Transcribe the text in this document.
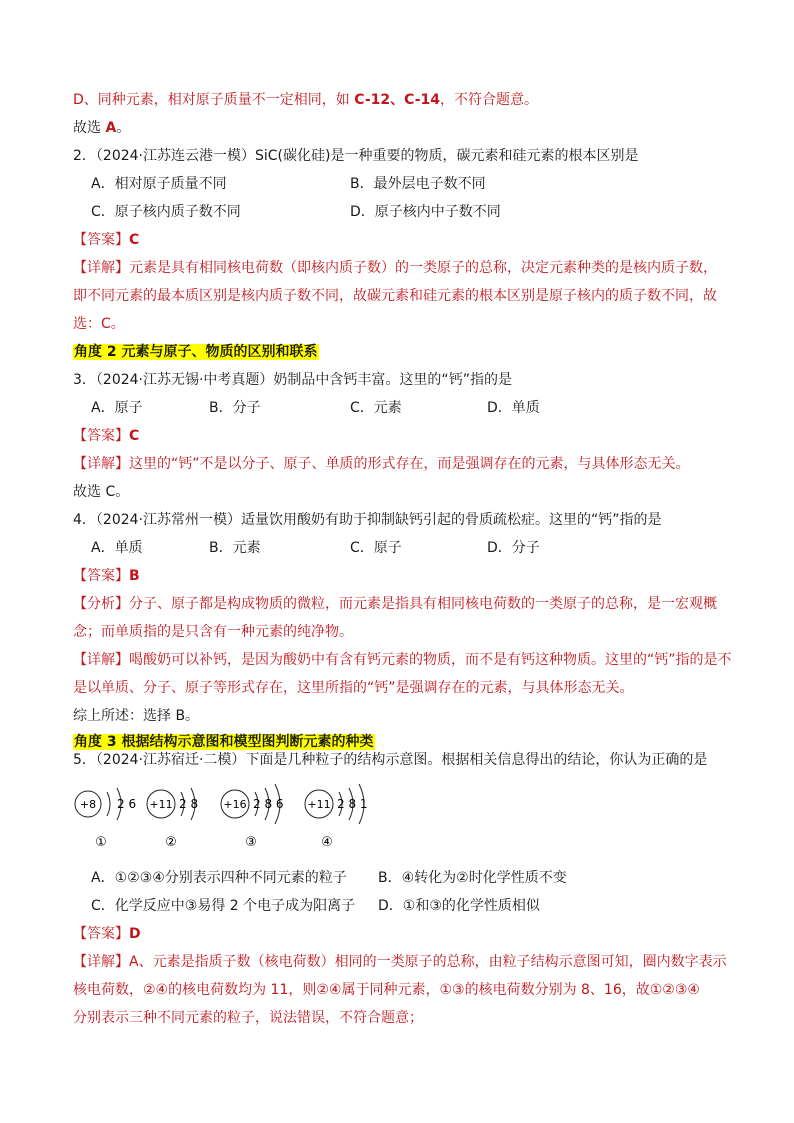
D、同种元素，相对原子质量不一定相同，如 C-12、C-14，不符合题意。
故选 A。
2．（2024·江苏连云港一模）SiC(碳化硅)是一种重要的物质，碳元素和硅元素的根本区别是
A．相对原子质量不同	B．最外层电子数不同
C．原子核内质子数不同	D．原子核内中子数不同
【答案】C
【详解】元素是具有相同核电荷数（即核内质子数）的一类原子的总称，决定元素种类的是核内质子数，
即不同元素的最本质区别是核内质子数不同，故碳元素和硅元素的根本区别是原子核内的质子数不同，故
选：C。
角度 2 元素与原子、物质的区别和联系
3．（2024·江苏无锡·中考真题）奶制品中含钙丰富。这里的“钙”指的是
A．原子	B．分子	C．元素	D．单质
【答案】C
【详解】这里的“钙”不是以分子、原子、单质的形式存在，而是强调存在的元素，与具体形态无关。
故选 C。
4．（2024·江苏常州一模）适量饮用酸奶有助于抑制缺钙引起的骨质疏松症。这里的“钙”指的是
A．单质	B．元素	C．原子	D．分子
【答案】B
【分析】分子、原子都是构成物质的微粒，而元素是指具有相同核电荷数的一类原子的总称，是一宏观概
念；而单质指的是只含有一种元素的纯净物。
【详解】喝酸奶可以补钙，是因为酸奶中有含有钙元素的物质，而不是有钙这种物质。这里的“钙”指的是不
是以单质、分子、原子等形式存在，这里所指的“钙”是强调存在的元素，与具体形态无关。
综上所述：选择 B。
角度 3 根据结构示意图和模型图判断元素的种类
5．（2024·江苏宿迁·二模）下面是几种粒子的结构示意图。根据相关信息得出的结论，你认为正确的是
+8 2 6
①
+11 2 8
②
+16 2 8 6
③
+11 2 8 1
④
A．①②③④分别表示四种不同元素的粒子 B．④转化为②时化学性质不变
C．化学反应中③易得 2 个电子成为阳离子 D．①和③的化学性质相似
【答案】D
【详解】A、元素是指质子数（核电荷数）相同的一类原子的总称，由粒子结构示意图可知，圈内数字表示
核电荷数，②④的核电荷数均为 11，则②④属于同种元素，①③的核电荷数分别为 8、16，故①②③④
分别表示三种不同元素的粒子，说法错误，不符合题意；
